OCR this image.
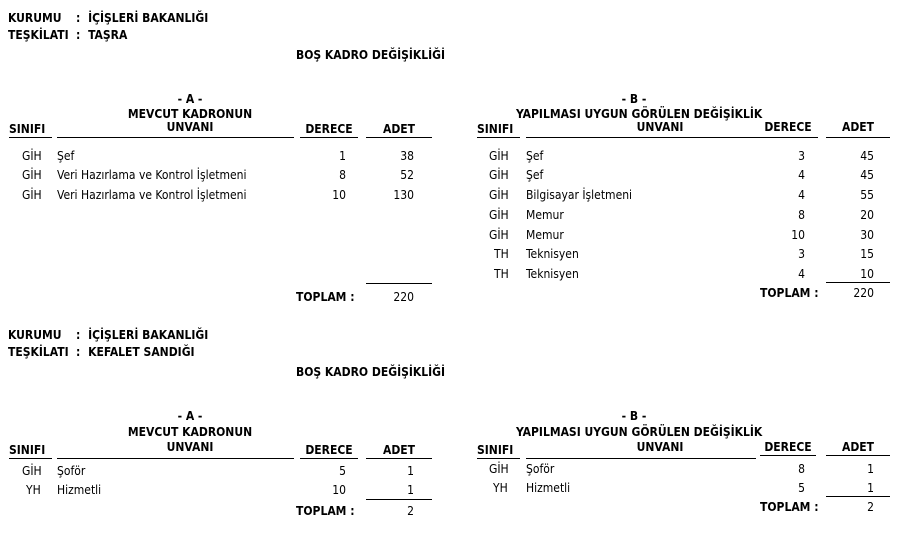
KURUMU : İÇİŞLERİ BAKANLIĞI
TEŞKİLATI : TAŞRA
BOŞ KADRO DEĞİŞİKLİĞİ
- A -
MEVCUT KADRONUN
SINIFI	UNVANI	DERECE	ADET
GİH Şef	1	38
GİH Veri Hazırlama ve Kontrol İşletmeni	8	52
GİH Veri Hazırlama ve Kontrol İşletmeni	10	130
TOPLAM :	220
- B -
YAPILMASI UYGUN GÖRÜLEN DEĞİŞİKLİK
SINIFI	UNVANI	DERECE	ADET
GİH Şef	3	45
GİH Şef	4	45
GİH Bilgisayar İşletmeni	4	55
GİH Memur	8	20
GİH Memur	10	30
TH Teknisyen	3	15
TH Teknisyen	4	10
TOPLAM :	220
KURUMU : İÇİŞLERİ BAKANLIĞI
TEŞKİLATI : KEFALET SANDIĞI
BOŞ KADRO DEĞİŞİKLİĞİ
- A -
MEVCUT KADRONUN
SINIFI	UNVANI	DERECE	ADET
GİH Şoför	5	1
YH Hizmetli	10	1
TOPLAM :	2
- B -
YAPILMASI UYGUN GÖRÜLEN DEĞİŞİKLİK
SINIFI	UNVANI	DERECE	ADET
GİH Şoför	8	1
YH Hizmetli	5	1
TOPLAM :	2
